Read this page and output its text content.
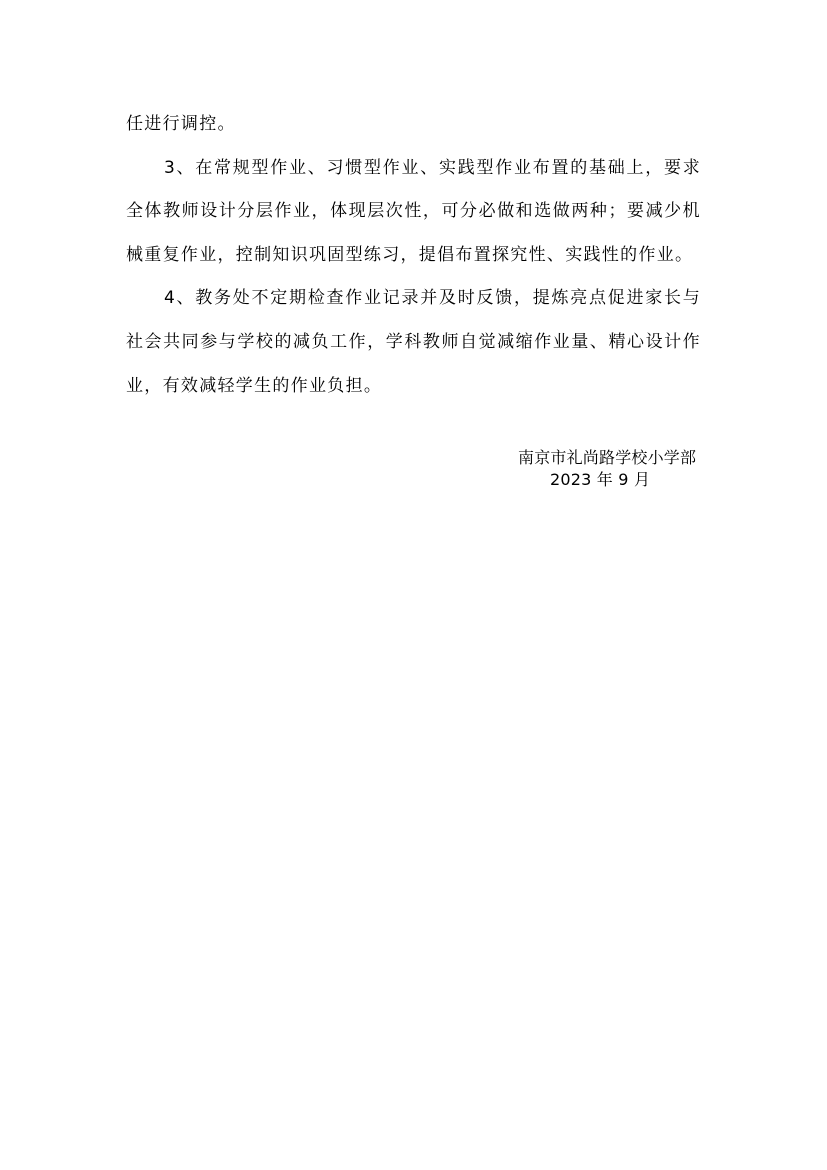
任进行调控。

3、在常规型作业、习惯型作业、实践型作业布置的基础上，要求全体教师设计分层作业，体现层次性，可分必做和选做两种；要减少机械重复作业，控制知识巩固型练习，提倡布置探究性、实践性的作业。

4、教务处不定期检查作业记录并及时反馈，提炼亮点促进家长与社会共同参与学校的减负工作，学科教师自觉减缩作业量、精心设计作业，有效减轻学生的作业负担。

南京市礼尚路学校小学部
2023 年 9 月
